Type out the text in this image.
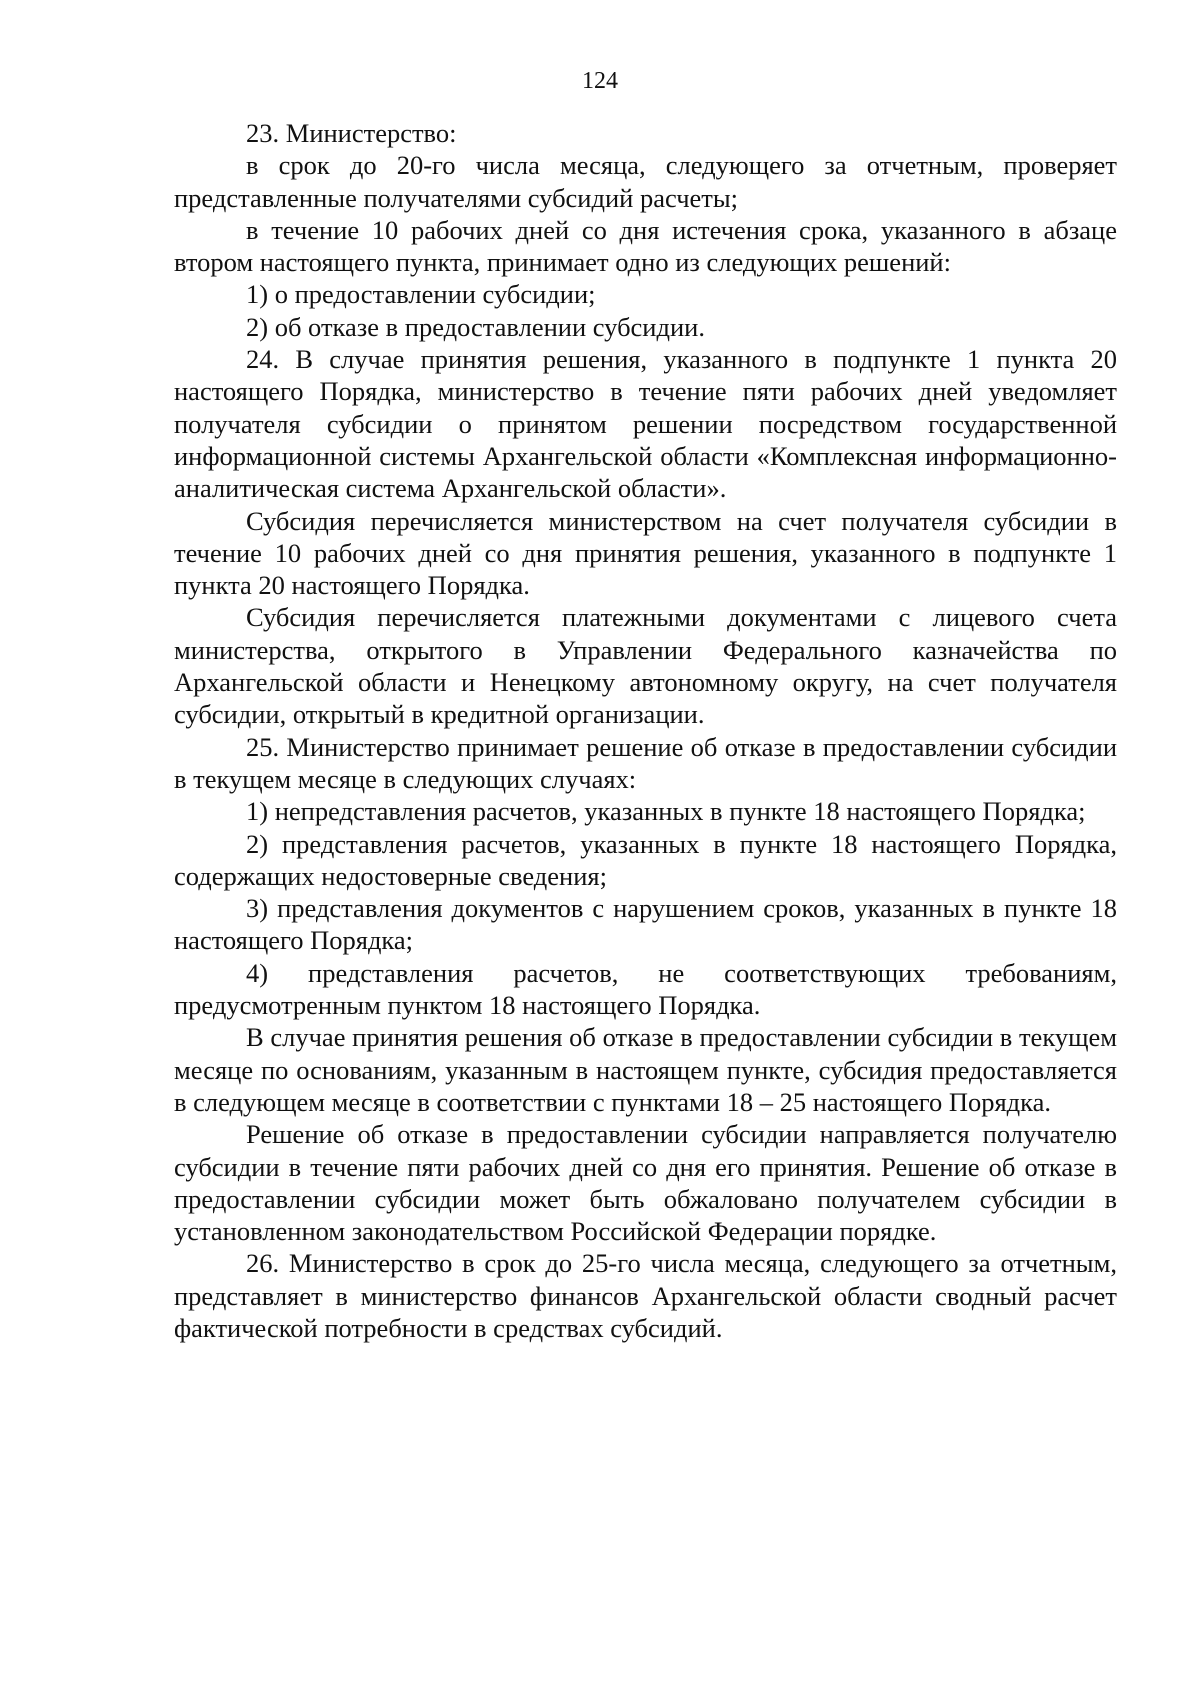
124

23. Министерство:

в срок до 20-го числа месяца, следующего за отчетным, проверяет представленные получателями субсидий расчеты;

в течение 10 рабочих дней со дня истечения срока, указанного в абзаце втором настоящего пункта, принимает одно из следующих решений:

1) о предоставлении субсидии;

2) об отказе в предоставлении субсидии.

24. В случае принятия решения, указанного в подпункте 1 пункта 20 настоящего Порядка, министерство в течение пяти рабочих дней уведомляет получателя субсидии о принятом решении посредством государственной информационной системы Архангельской области «Комплексная информационно-аналитическая система Архангельской области».

Субсидия перечисляется министерством на счет получателя субсидии в течение 10 рабочих дней со дня принятия решения, указанного в подпункте 1 пункта 20 настоящего Порядка.

Субсидия перечисляется платежными документами с лицевого счета министерства, открытого в Управлении Федерального казначейства по Архангельской области и Ненецкому автономному округу, на счет получателя субсидии, открытый в кредитной организации.

25. Министерство принимает решение об отказе в предоставлении субсидии в текущем месяце в следующих случаях:

1) непредставления расчетов, указанных в пункте 18 настоящего Порядка;

2) представления расчетов, указанных в пункте 18 настоящего Порядка, содержащих недостоверные сведения;

3) представления документов с нарушением сроков, указанных в пункте 18 настоящего Порядка;

4) представления расчетов, не соответствующих требованиям, предусмотренным пунктом 18 настоящего Порядка.

В случае принятия решения об отказе в предоставлении субсидии в текущем месяце по основаниям, указанным в настоящем пункте, субсидия предоставляется в следующем месяце в соответствии с пунктами 18 – 25 настоящего Порядка.

Решение об отказе в предоставлении субсидии направляется получателю субсидии в течение пяти рабочих дней со дня его принятия. Решение об отказе в предоставлении субсидии может быть обжаловано получателем субсидии в установленном законодательством Российской Федерации порядке.

26. Министерство в срок до 25-го числа месяца, следующего за отчетным, представляет в министерство финансов Архангельской области сводный расчет фактической потребности в средствах субсидий.
